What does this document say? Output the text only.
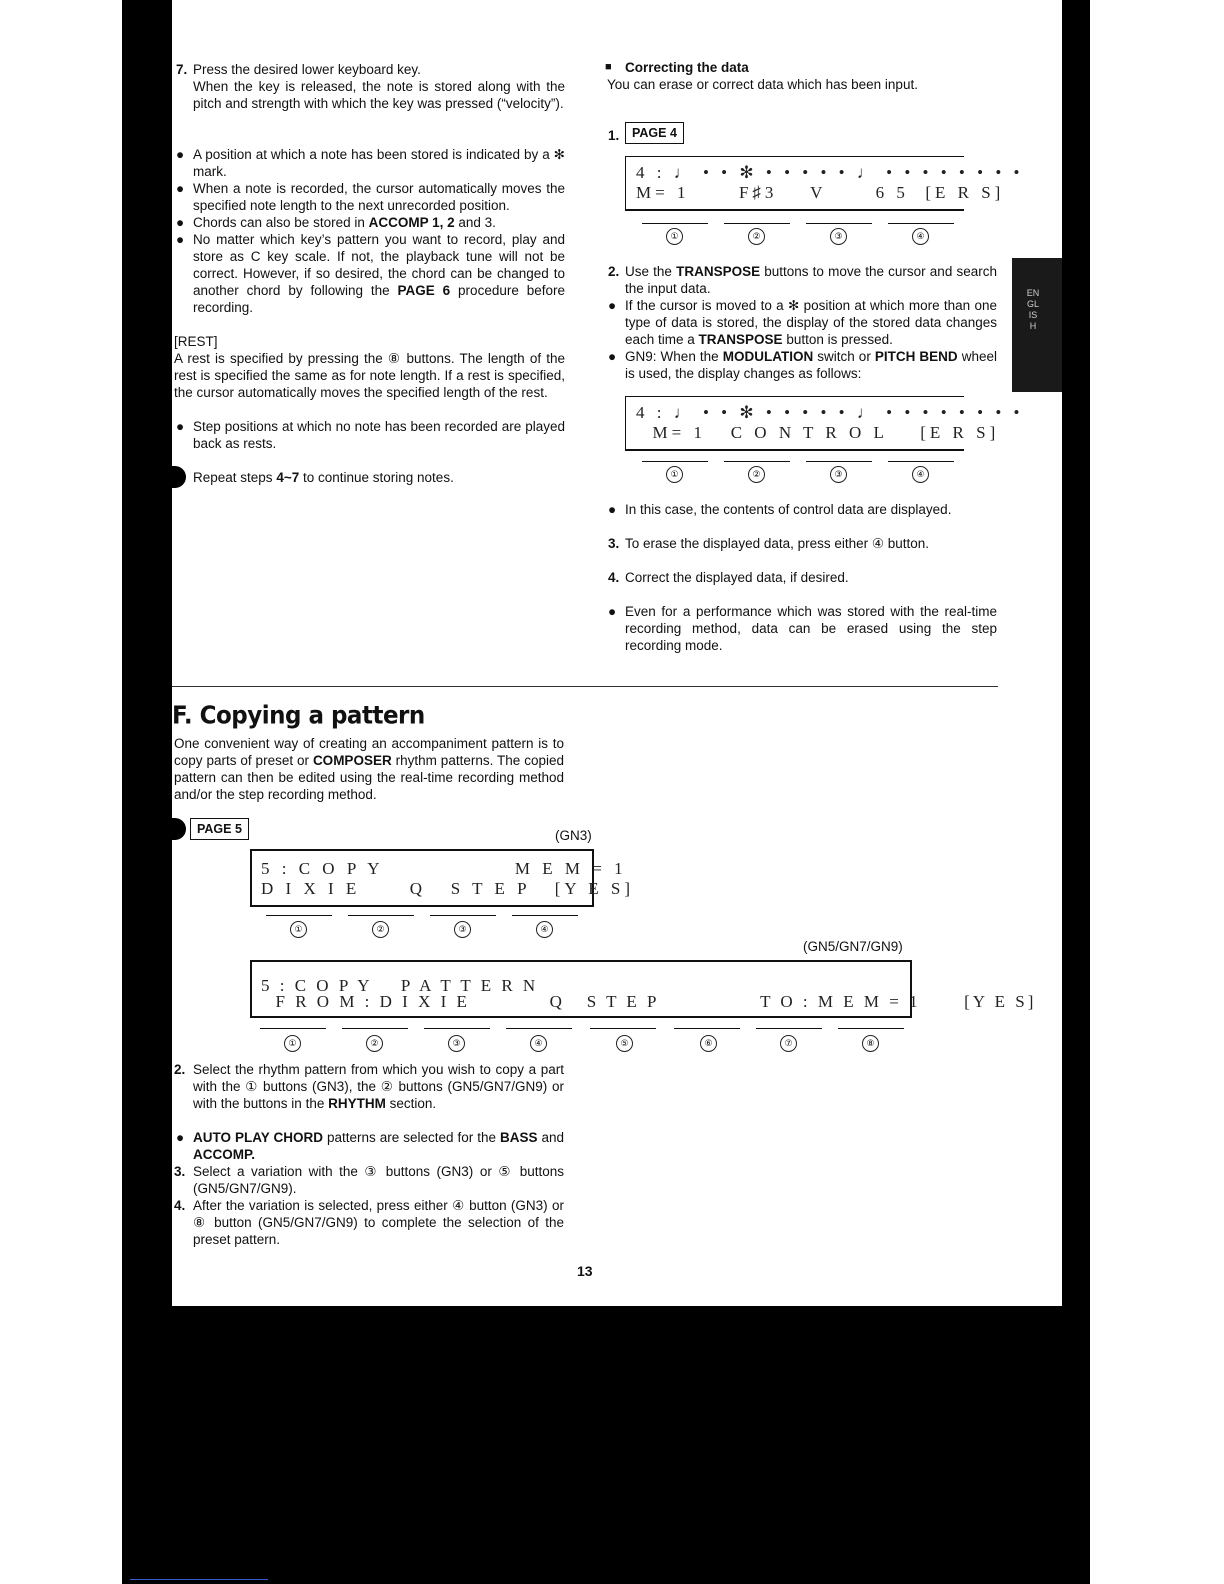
7. Press the desired lower keyboard key.
When the key is released, the note is stored along with the pitch and strength with which the key was pressed (“velocity”).
● A position at which a note has been stored is indicated by a ✻ mark.
● When a note is recorded, the cursor automatically moves the specified note length to the next unrecorded position.
● Chords can also be stored in ACCOMP 1, 2 and 3.
● No matter which key’s pattern you want to record, play and store as C key scale. If not, the playback tune will not be correct. However, if so desired, the chord can be changed to another chord by following the PAGE 6 procedure before recording.
[REST]
A rest is specified by pressing the ⑧ buttons. The length of the rest is specified the same as for note length. If a rest is specified, the cursor automatically moves the specified length of the rest.
● Step positions at which no note has been recorded are played back as rests.
Repeat steps 4~7 to continue storing notes.
■ Correcting the data
You can erase or correct data which has been input.
1.	PAGE 4

4 : ♩ • • ✻ • • • • • ♩ • • • • • • • •

M= 1      F♯3    V      6 5  [E R S]

①	②	③	④
2. Use the TRANSPOSE buttons to move the cursor and search the input data.
● If the cursor is moved to a ✻ position at which more than one type of data is stored, the display of the stored data changes each time a TRANSPOSE button is pressed.
● GN9: When the MODULATION switch or PITCH BEND wheel is used, the display changes as follows:

4 : ♩ • • ✻ • • • • • ♩ • • • • • • • •

M= 1   C O N T R O L    [E R S]

①	②	③	④
● In this case, the contents of control data are displayed.
3. To erase the displayed data, press either ④ button.
4. Correct the displayed data, if desired.
● Even for a performance which was stored with the real-time recording method, data can be erased using the step recording mode.
F. Copying a pattern
One convenient way of creating an accompaniment pattern is to copy parts of preset or COMPOSER rhythm patterns. The copied pattern can then be edited using the real-time recording method and/or the step recording method.
PAGE 5	(GN3)

5 : C O P Y                M E M = 1

D I X I E      Q   S T E P   [Y E S]

①	②	③	④
(GN5/GN7/GN9)

5 : C O P Y    P A T T E R N

F R O M : D I X I E           Q   S T E P              T O : M E M = 1      [Y E S]

①	②	③	④	⑤	⑥	⑦	⑧
2. Select the rhythm pattern from which you wish to copy a part with the ① buttons (GN3), the ② buttons (GN5/GN7/GN9) or with the buttons in the RHYTHM section.
● AUTO PLAY CHORD patterns are selected for the BASS and ACCOMP.
3. Select a variation with the ③ buttons (GN3) or ⑤ buttons (GN5/GN7/GN9).
4. After the variation is selected, press either ④ button (GN3) or ⑧ button (GN5/GN7/GN9) to complete the selection of the preset pattern.
13
ENGLISH
